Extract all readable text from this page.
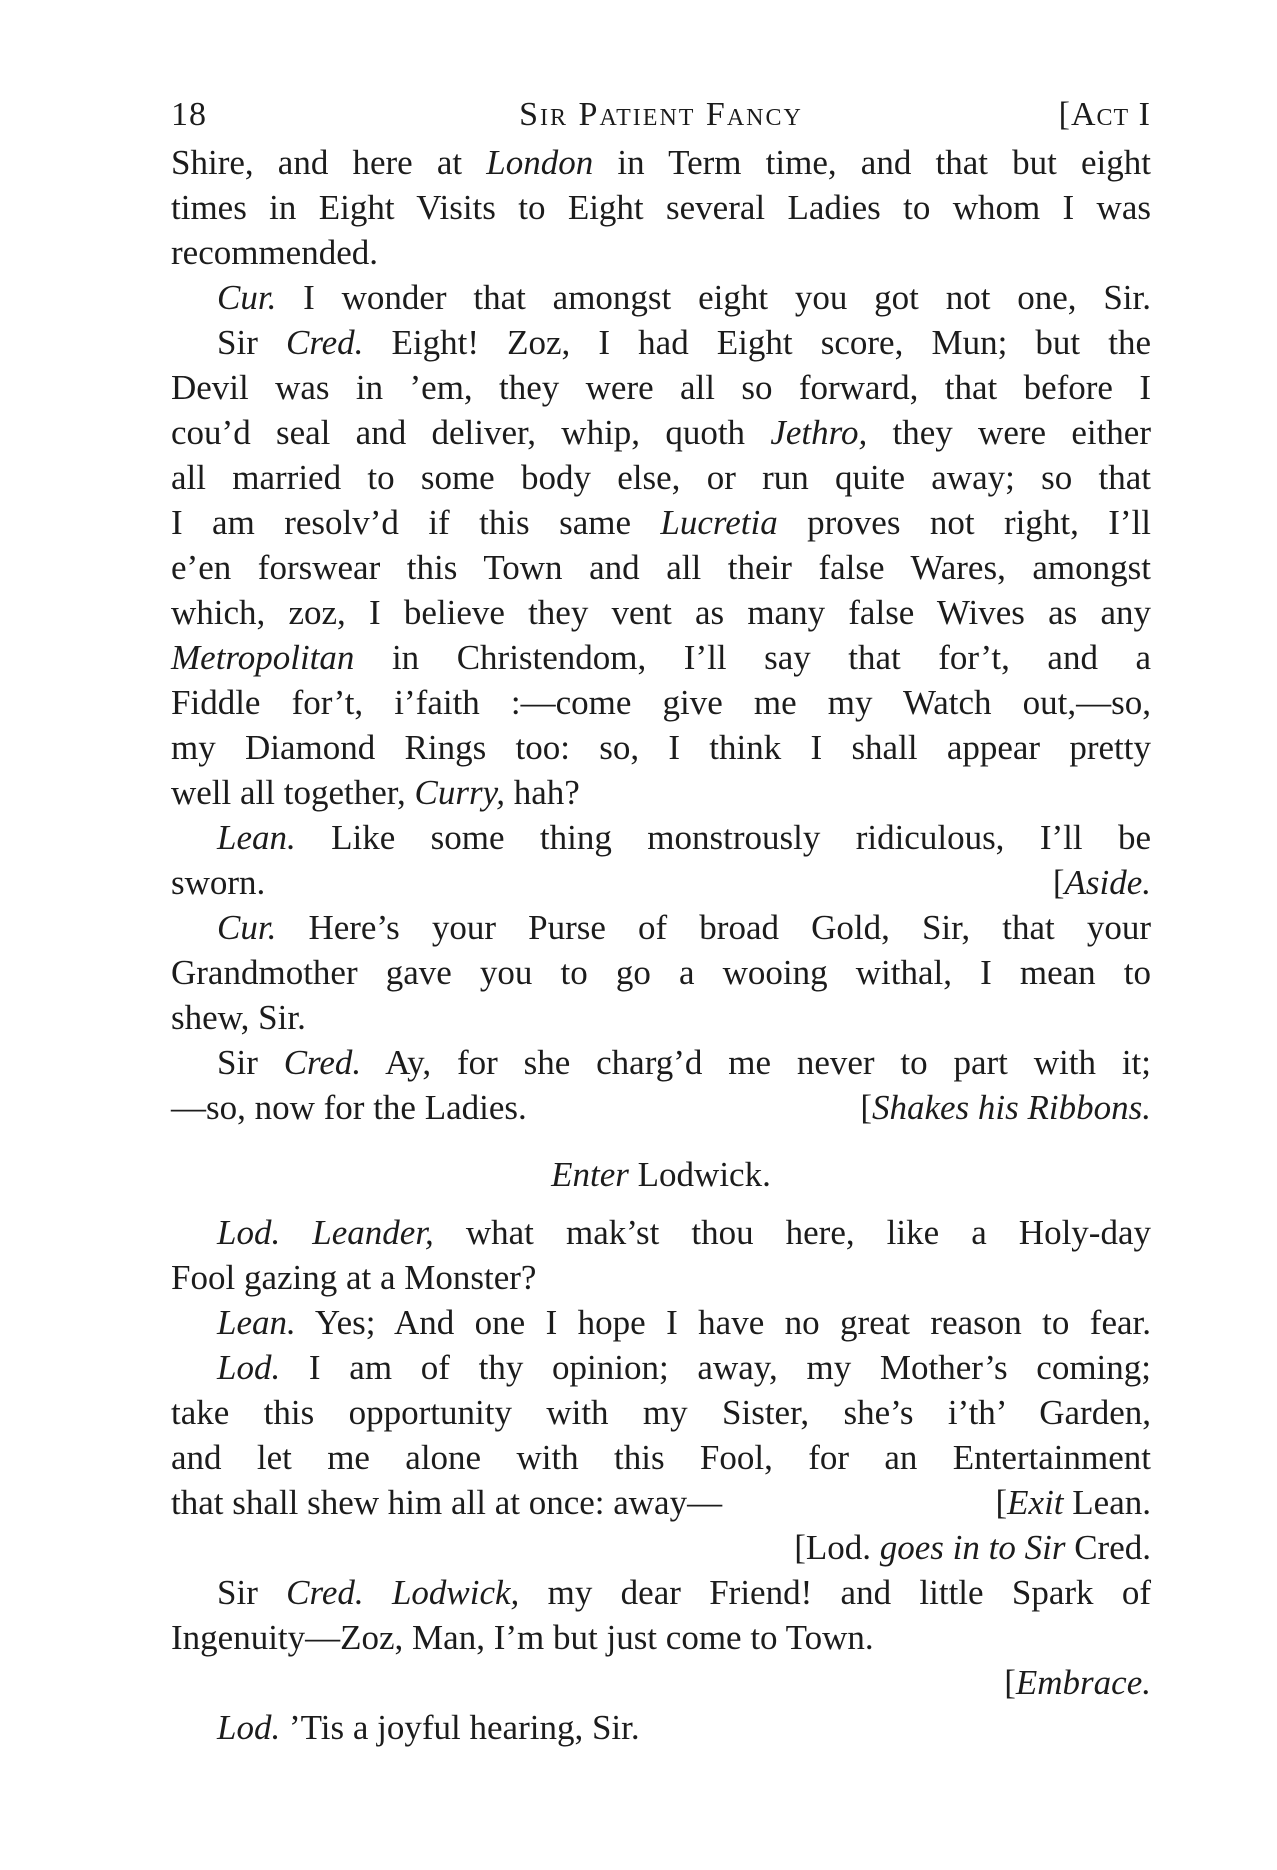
18	Sir Patient Fancy	[Act I
Shire, and here at London in Term time, and that but eight
times in Eight Visits to Eight several Ladies to whom I was
recommended.
Cur. I wonder that amongst eight you got not one, Sir.
Sir Cred. Eight! Zoz, I had Eight score, Mun; but the
Devil was in ’em, they were all so forward, that before I
cou’d seal and deliver, whip, quoth Jethro, they were either
all married to some body else, or run quite away; so that
I am resolv’d if this same Lucretia proves not right, I’ll
e’en forswear this Town and all their false Wares, amongst
which, zoz, I believe they vent as many false Wives as any
Metropolitan in Christendom, I’ll say that for’t, and a
Fiddle for’t, i’faith :—come give me my Watch out,—so,
my Diamond Rings too: so, I think I shall appear pretty
well all together, Curry, hah?
Lean. Like some thing monstrously ridiculous, I’ll be
sworn.	[Aside.
Cur. Here’s your Purse of broad Gold, Sir, that your
Grandmother gave you to go a wooing withal, I mean to
shew, Sir.
Sir Cred. Ay, for she charg’d me never to part with it;
—so, now for the Ladies.	[Shakes his Ribbons.
Enter Lodwick.
Lod. Leander, what mak’st thou here, like a Holy-day
Fool gazing at a Monster?
Lean. Yes; And one I hope I have no great reason to fear.
Lod. I am of thy opinion; away, my Mother’s coming;
take this opportunity with my Sister, she’s i’th’ Garden,
and let me alone with this Fool, for an Entertainment
that shall shew him all at once: away—	[Exit Lean.
[Lod. goes in to Sir Cred.
Sir Cred. Lodwick, my dear Friend! and little Spark of
Ingenuity—Zoz, Man, I’m but just come to Town.
[Embrace.
Lod. ’Tis a joyful hearing, Sir.
